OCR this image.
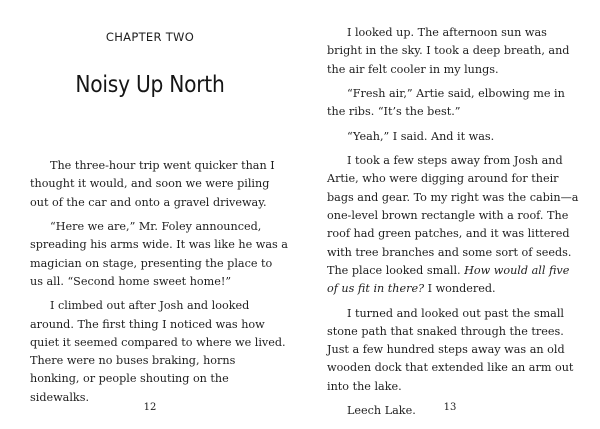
CHAPTER TWO
Noisy Up North

The three-hour trip went quicker than I thought it would, and soon we were piling out of the car and onto a gravel driveway.

“Here we are,” Mr. Foley announced, spreading his arms wide. It was like he was a magician on stage, presenting the place to us all. “Second home sweet home!”

I climbed out after Josh and looked around. The first thing I noticed was how quiet it seemed compared to where we lived. There were no buses braking, horns honking, or people shouting on the sidewalks.

12

I looked up. The afternoon sun was bright in the sky. I took a deep breath, and the air felt cooler in my lungs.

“Fresh air,” Artie said, elbowing me in the ribs. “It’s the best.”

“Yeah,” I said. And it was.

I took a few steps away from Josh and Artie, who were digging around for their bags and gear. To my right was the cabin—a one-level brown rectangle with a roof. The roof had green patches, and it was littered with tree branches and some sort of seeds. The place looked small. How would all five of us fit in there? I wondered.

I turned and looked out past the small stone path that snaked through the trees. Just a few hundred steps away was an old wooden dock that extended like an arm out into the lake.

Leech Lake.	13
